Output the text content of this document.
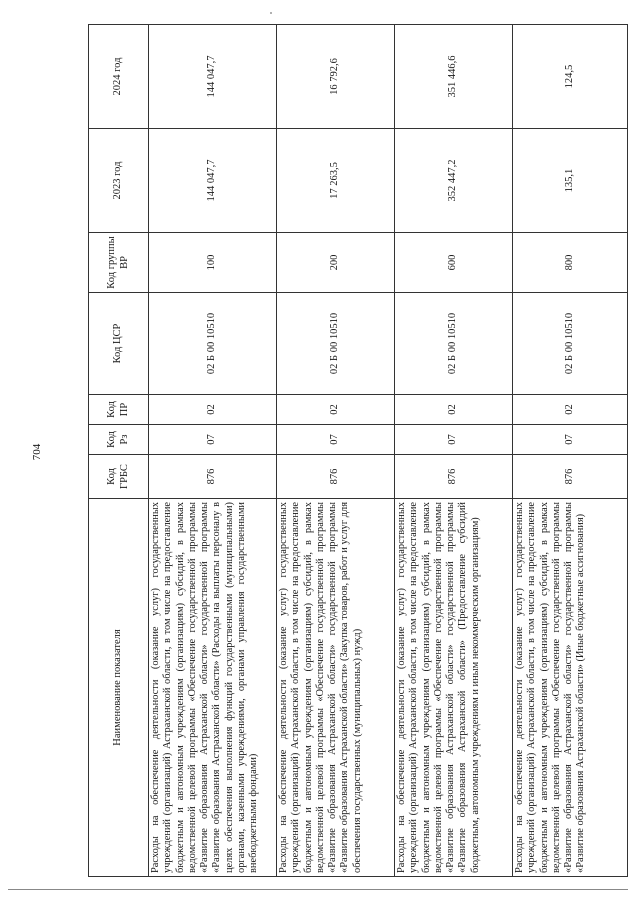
704
Наименование показателя	Код ГРБС	Код Рз	Код ПР	Код ЦСР	Код группы ВР	2023 год	2024 год
Расходы на обеспечение деятельности (оказание услуг) государственных учреждений (организаций) Астраханской области, в том числе на предоставление бюджетным и автономным учреждениям (организациям) субсидий, в рамках ведомственной целевой программы «Обеспечение государственной программы «Развитие образования Астраханской области» государственной программы «Развитие образования Астраханской области» (Расходы на выплаты персоналу в целях обеспечения выполнения функций государственными (муниципальными) органами, казенными учреждениями, органами управления государственными внебюджетными фондами)	876	07	02	02 Б 00 10510	100	144 047,7	144 047,7
Расходы на обеспечение деятельности (оказание услуг) государственных учреждений (организаций) Астраханской области, в том числе на предоставление бюджетным и автономным учреждениям (организациям) субсидий, в рамках ведомственной целевой программы «Обеспечение государственной программы «Развитие образования Астраханской области» государственной программы «Развитие образования Астраханской области» (Закупка товаров, работ и услуг для обеспечения государственных (муниципальных) нужд)	876	07	02	02 Б 00 10510	200	17 263,5	16 792,6
Расходы на обеспечение деятельности (оказание услуг) государственных учреждений (организаций) Астраханской области, в том числе на предоставление бюджетным и автономным учреждениям (организациям) субсидий, в рамках ведомственной целевой программы «Обеспечение государственной программы «Развитие образования Астраханской области» государственной программы «Развитие образования Астраханской области» (Предоставление субсидий бюджетным, автономным учреждениям и иным некоммерческим организациям)	876	07	02	02 Б 00 10510	600	352 447,2	351 446,6
Расходы на обеспечение деятельности (оказание услуг) государственных учреждений (организаций) Астраханской области, в том числе на предоставление бюджетным и автономным учреждениям (организациям) субсидий, в рамках ведомственной целевой программы «Обеспечение государственной программы «Развитие образования Астраханской области» государственной программы «Развитие образования Астраханской области» (Иные бюджетные ассигнования)	876	07	02	02 Б 00 10510	800	135,1	124,5
